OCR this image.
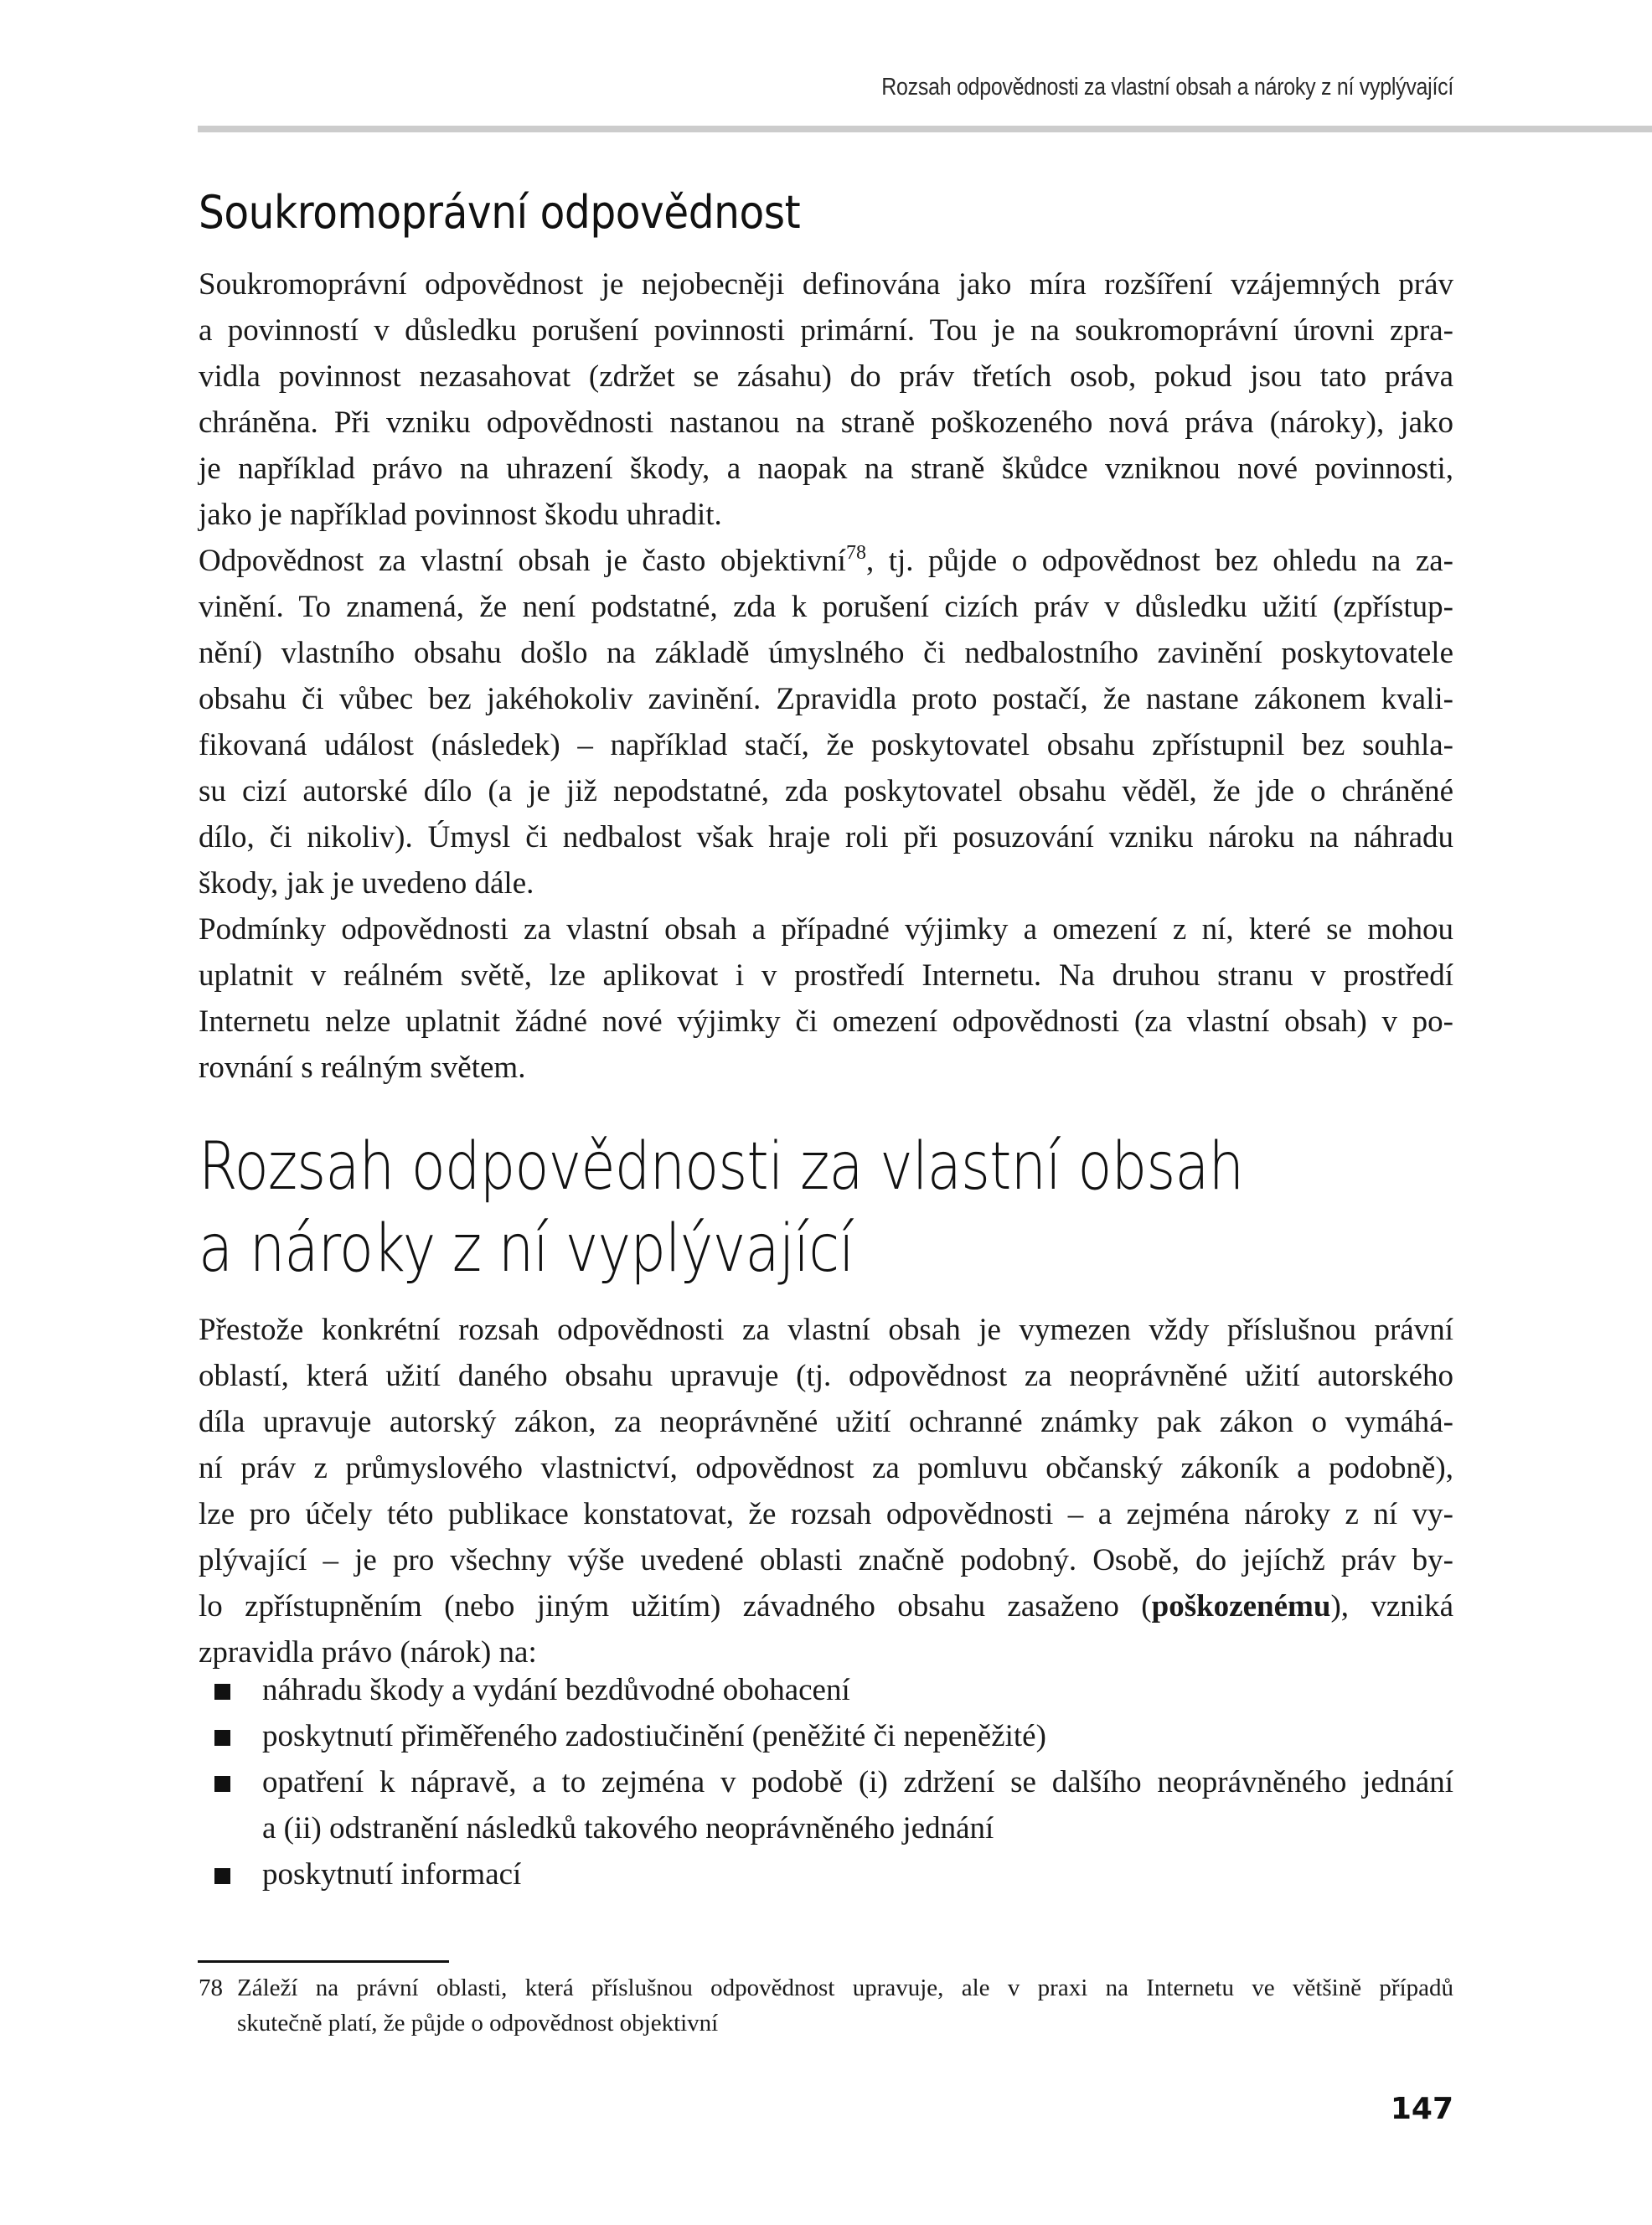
Rozsah odpovědnosti za vlastní obsah a nároky z ní vyplývající
Soukromoprávní odpovědnost
Soukromoprávní odpovědnost je nejobecněji definována jako míra rozšíření vzájemných práv
a povinností v důsledku porušení povinnosti primární. Tou je na soukromoprávní úrovni zpra-
vidla povinnost nezasahovat (zdržet se zásahu) do práv třetích osob, pokud jsou tato práva
chráněna. Při vzniku odpovědnosti nastanou na straně poškozeného nová práva (nároky), jako
je například právo na uhrazení škody, a naopak na straně škůdce vzniknou nové povinnosti,
jako je například povinnost škodu uhradit.
Odpovědnost za vlastní obsah je často objektivní$^{78}$, tj. půjde o odpovědnost bez ohledu na za-
vinění. To znamená, že není podstatné, zda k porušení cizích práv v důsledku užití (zpřístup-
nění) vlastního obsahu došlo na základě úmyslného či nedbalostního zavinění poskytovatele
obsahu či vůbec bez jakéhokoliv zavinění. Zpravidla proto postačí, že nastane zákonem kvali-
fikovaná událost (následek) – například stačí, že poskytovatel obsahu zpřístupnil bez souhla-
su cizí autorské dílo (a je již nepodstatné, zda poskytovatel obsahu věděl, že jde o chráněné
dílo, či nikoliv). Úmysl či nedbalost však hraje roli při posuzování vzniku nároku na náhradu
škody, jak je uvedeno dále.
Podmínky odpovědnosti za vlastní obsah a případné výjimky a omezení z ní, které se mohou
uplatnit v reálném světě, lze aplikovat i v prostředí Internetu. Na druhou stranu v prostředí
Internetu nelze uplatnit žádné nové výjimky či omezení odpovědnosti (za vlastní obsah) v po-
rovnání s reálným světem.
Rozsah odpovědnosti za vlastní obsah
a nároky z ní vyplývající
Přestože konkrétní rozsah odpovědnosti za vlastní obsah je vymezen vždy příslušnou právní
oblastí, která užití daného obsahu upravuje (tj. odpovědnost za neoprávněné užití autorského
díla upravuje autorský zákon, za neoprávněné užití ochranné známky pak zákon o vymáhá-
ní práv z průmyslového vlastnictví, odpovědnost za pomluvu občanský zákoník a podobně),
lze pro účely této publikace konstatovat, že rozsah odpovědnosti – a zejména nároky z ní vy-
plývající – je pro všechny výše uvedené oblasti značně podobný. Osobě, do jejíchž práv by-
lo zpřístupněním (nebo jiným užitím) závadného obsahu zasaženo (poškozenému), vzniká
zpravidla právo (nárok) na:
náhradu škody a vydání bezdůvodné obohacení
poskytnutí přiměřeného zadostiučinění (peněžité či nepeněžité)
opatření k nápravě, a to zejména v podobě (i) zdržení se dalšího neoprávněného jednání
a (ii) odstranění následků takového neoprávněného jednání
poskytnutí informací
78 Záleží na právní oblasti, která příslušnou odpovědnost upravuje, ale v praxi na Internetu ve většině případů
skutečně platí, že půjde o odpovědnost objektivní
147
